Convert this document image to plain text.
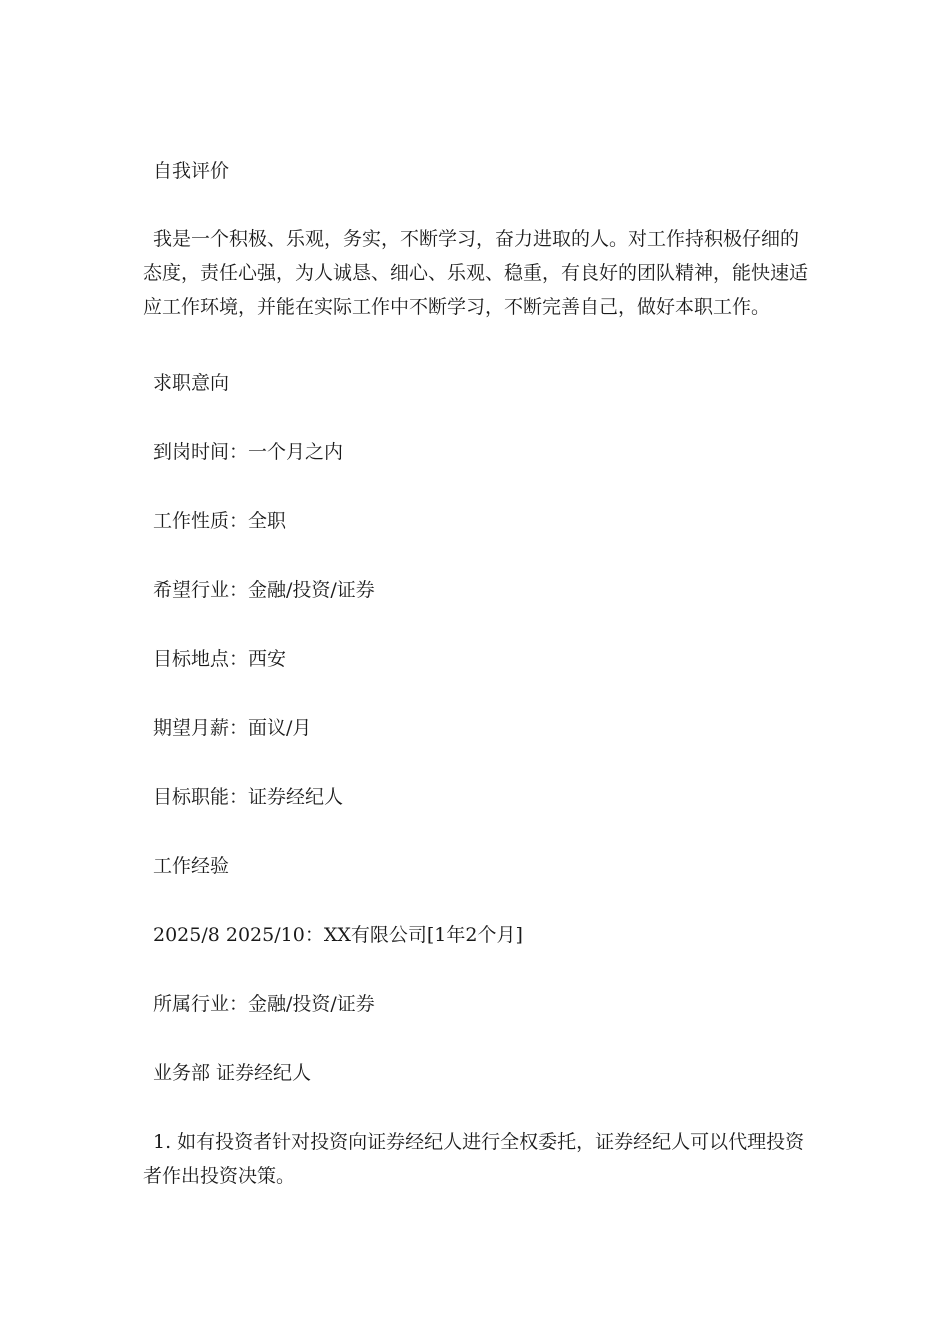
自我评价

我是一个积极、乐观，务实，不断学习，奋力进取的人。对工作持积极仔细的态度，责任心强，为人诚恳、细心、乐观、稳重，有良好的团队精神，能快速适应工作环境，并能在实际工作中不断学习，不断完善自己，做好本职工作。

求职意向

到岗时间：一个月之内

工作性质：全职

希望行业：金融/投资/证券

目标地点：西安

期望月薪：面议/月

目标职能：证券经纪人

工作经验

2025/8 2025/10：XX有限公司[1年2个月]

所属行业：金融/投资/证券

业务部 证券经纪人

1. 如有投资者针对投资向证券经纪人进行全权委托，证券经纪人可以代理投资者作出投资决策。
